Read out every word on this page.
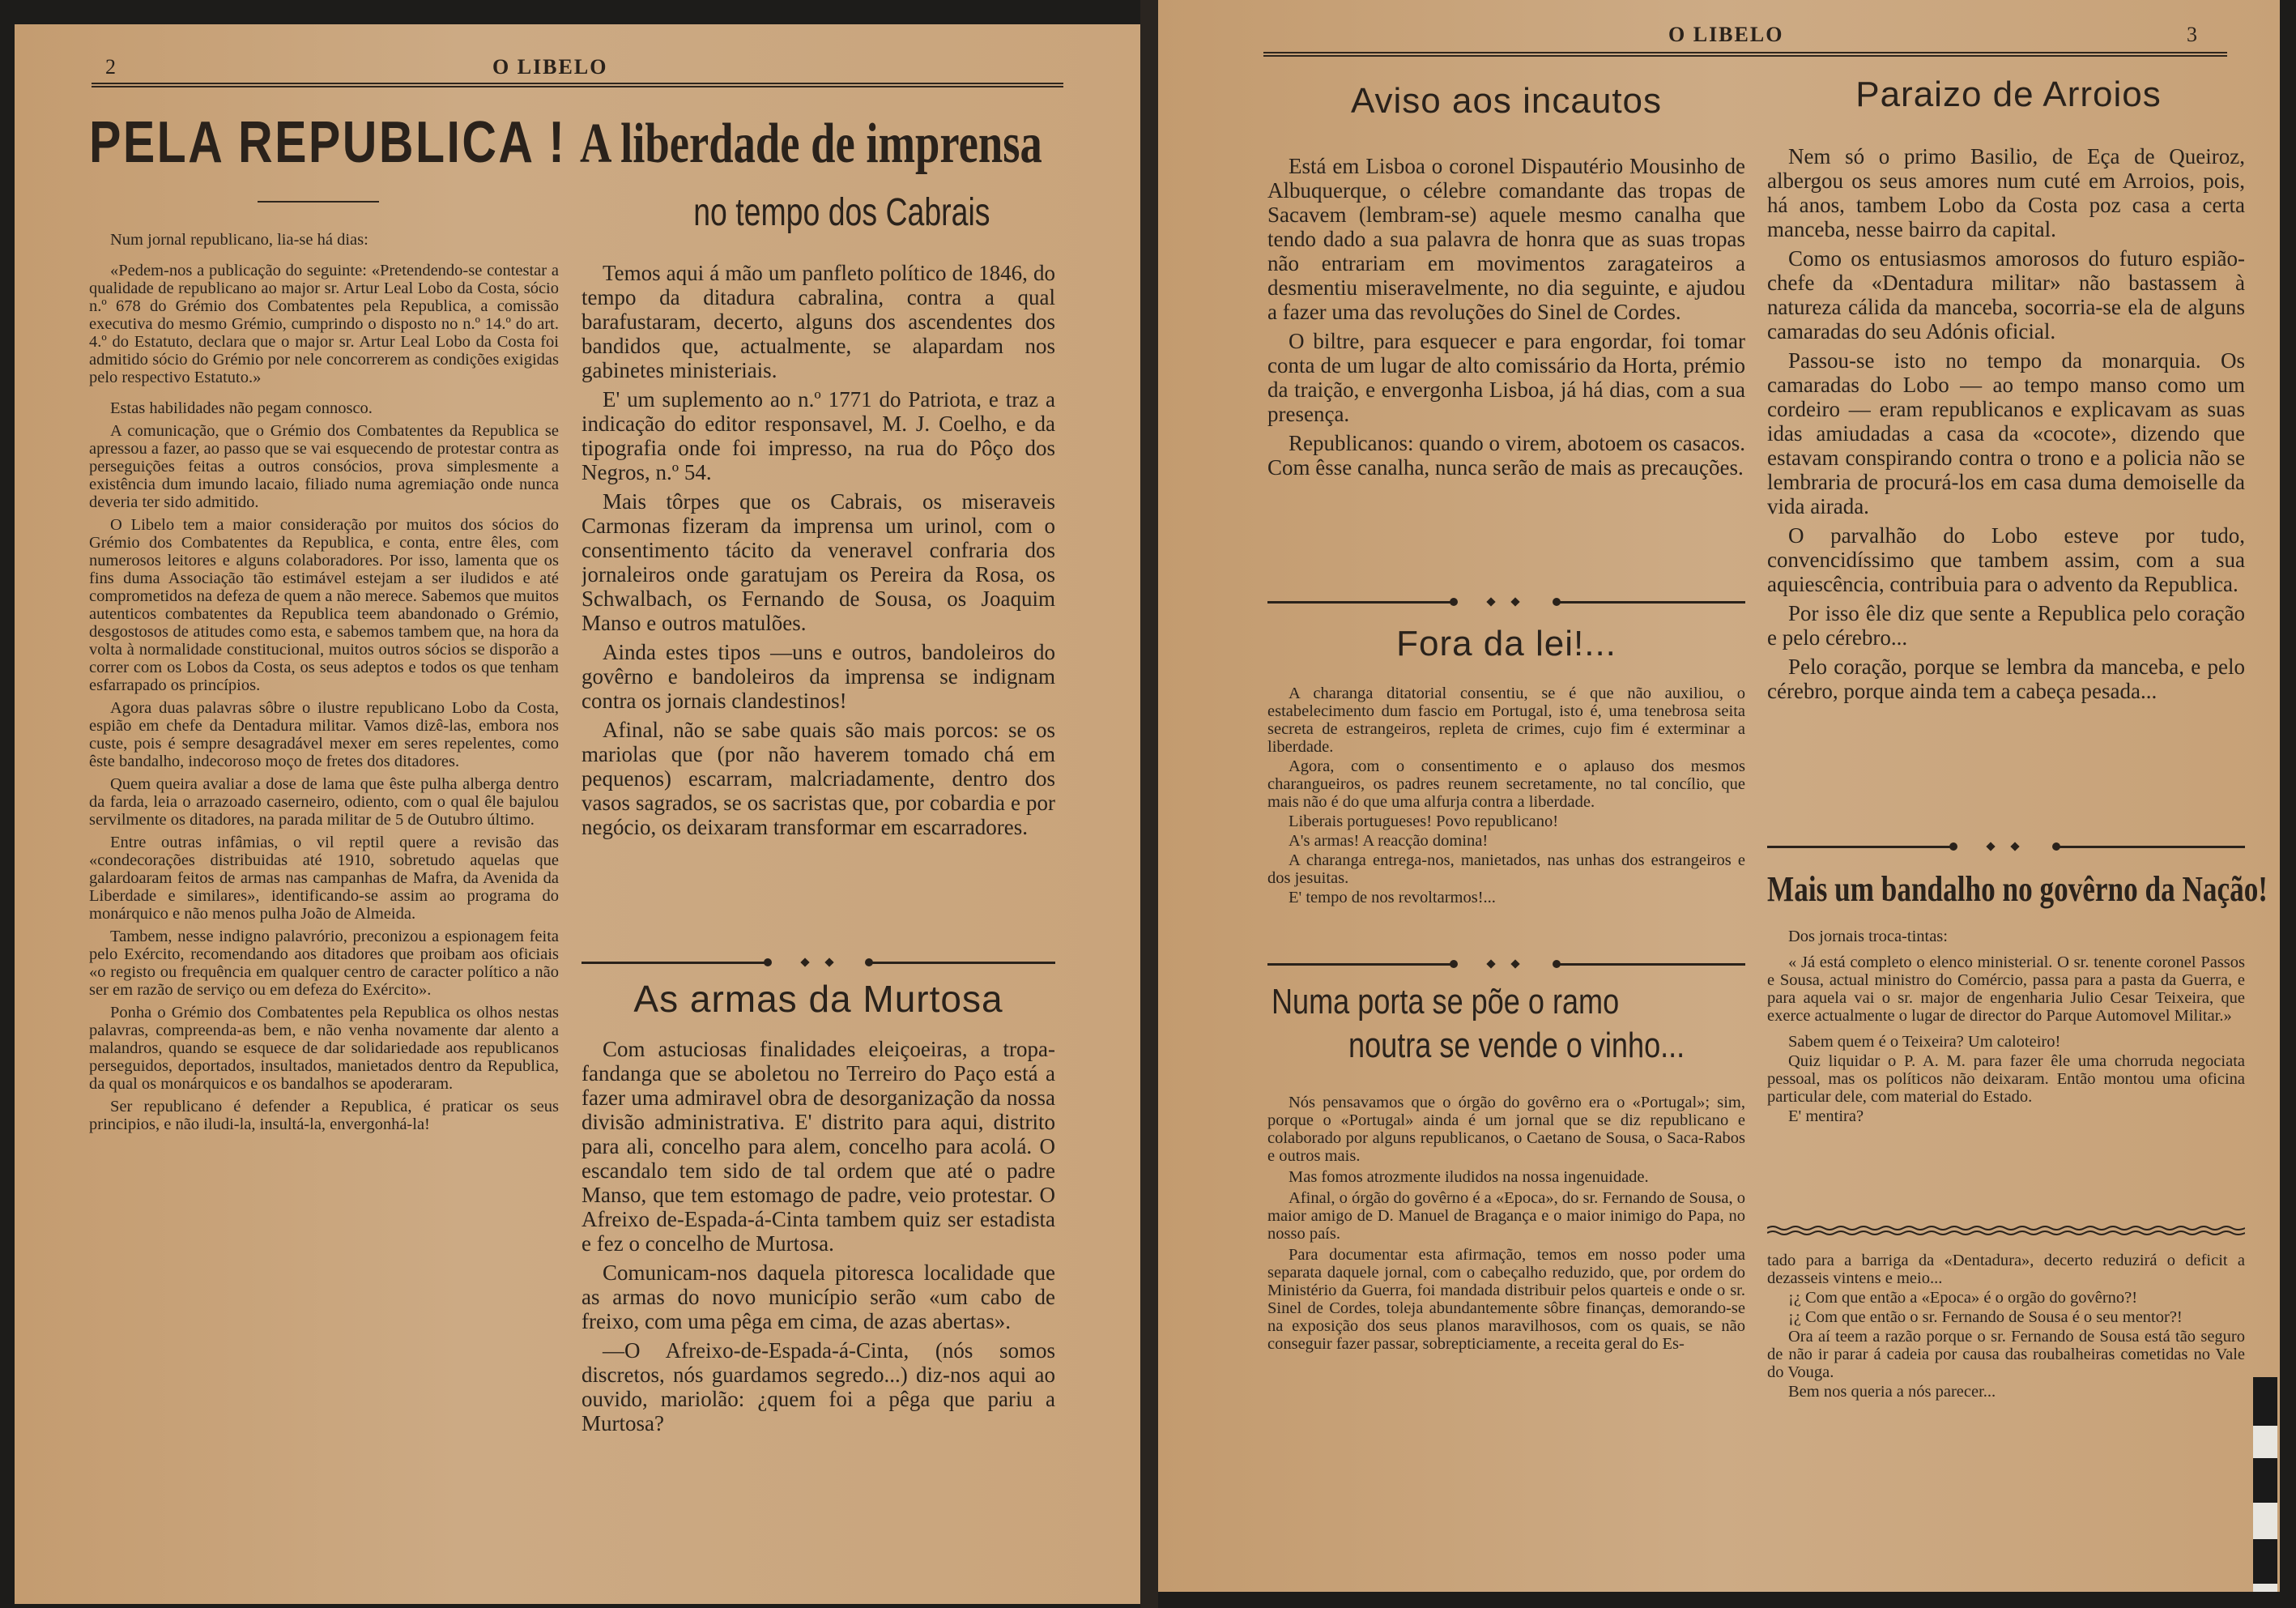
2	O LIBELO
PELA REPUBLICA !

Num jornal republicano, lia-se há dias:

«Pedem-nos a publicação do seguinte: «Pretendendo-se contestar a qualidade de republicano ao major sr. Artur Leal Lobo da Costa, sócio n.º 678 do Grémio dos Combatentes pela Republica, a comissão executiva do mesmo Grémio, cumprindo o disposto no n.º 14.º do art. 4.º do Estatuto, declara que o major sr. Artur Leal Lobo da Costa foi admitido sócio do Grémio por nele concorrerem as condições exigidas pelo respectivo Estatuto.»

Estas habilidades não pegam connosco.

A comunicação, que o Grémio dos Combatentes da Republica se apressou a fazer, ao passo que se vai esquecendo de protestar contra as perseguições feitas a outros consócios, prova simplesmente a existência dum imundo lacaio, filiado numa agremiação onde nunca deveria ter sido admitido.

O Libelo tem a maior consideração por muitos dos sócios do Grémio dos Combatentes da Republica, e conta, entre êles, com numerosos leitores e alguns colaboradores. Por isso, lamenta que os fins duma Associação tão estimável estejam a ser iludidos e até comprometidos na defeza de quem a não merece. Sabemos que muitos autenticos combatentes da Republica teem abandonado o Grémio, desgostosos de atitudes como esta, e sabemos tambem que, na hora da volta à normalidade constitucional, muitos outros sócios se disporão a correr com os Lobos da Costa, os seus adeptos e todos os que tenham esfarrapado os princípios.

Agora duas palavras sôbre o ilustre republicano Lobo da Costa, espião em chefe da Dentadura militar. Vamos dizê-las, embora nos custe, pois é sempre desagradável mexer em seres repelentes, como êste bandalho, indecoroso moço de fretes dos ditadores.

Quem queira avaliar a dose de lama que êste pulha alberga dentro da farda, leia o arrazoado caserneiro, odiento, com o qual êle bajulou servilmente os ditadores, na parada militar de 5 de Outubro último.

Entre outras infâmias, o vil reptil quere a revisão das «condecorações distribuidas até 1910, sobretudo aquelas que galardoaram feitos de armas nas campanhas de Mafra, da Avenida da Liberdade e similares», identificando-se assim ao programa do monárquico e não menos pulha João de Almeida.

Tambem, nesse indigno palavrório, preconizou a espionagem feita pelo Exército, recomendando aos ditadores que proibam aos oficiais «o registo ou frequência em qualquer centro de caracter político a não ser em razão de serviço ou em defeza do Exército».

Ponha o Grémio dos Combatentes pela Republica os olhos nestas palavras, compreenda-as bem, e não venha novamente dar alento a malandros, quando se esquece de dar solidariedade aos republicanos perseguidos, deportados, insultados, manietados dentro da Republica, da qual os monárquicos e os bandalhos se apoderaram.

Ser republicano é defender a Republica, é praticar os seus principios, e não iludi-la, insultá-la, envergonhá-la!

A liberdade de imprensa
no tempo dos Cabrais

Temos aqui á mão um panfleto político de 1846, do tempo da ditadura cabralina, contra a qual barafustaram, decerto, alguns dos ascendentes dos bandidos que, actualmente, se alapardam nos gabinetes ministeriais.

E' um suplemento ao n.º 1771 do Patriota, e traz a indicação do editor responsavel, M. J. Coelho, e da tipografia onde foi impresso, na rua do Pôço dos Negros, n.º 54.

Mais tôrpes que os Cabrais, os miseraveis Carmonas fizeram da imprensa um urinol, com o consentimento tácito da veneravel confraria dos jornaleiros onde garatujam os Pereira da Rosa, os Schwalbach, os Fernando de Sousa, os Joaquim Manso e outros matulões.

Ainda estes tipos —uns e outros, bandoleiros do govêrno e bandoleiros da imprensa se indignam contra os jornais clandestinos!

Afinal, não se sabe quais são mais porcos: se os mariolas que (por não haverem tomado chá em pequenos) escarram, malcriadamente, dentro dos vasos sagrados, se os sacristas que, por cobardia e por negócio, os deixaram transformar em escarradores.

As armas da Murtosa

Com astuciosas finalidades eleiçoeiras, a tropa-fandanga que se aboletou no Terreiro do Paço está a fazer uma admiravel obra de desorganização da nossa divisão administrativa. E' distrito para aqui, distrito para ali, concelho para alem, concelho para acolá. O escandalo tem sido de tal ordem que até o padre Manso, que tem estomago de padre, veio protestar. O Afreixo de-Espada-á-Cinta tambem quiz ser estadista e fez o concelho de Murtosa.

Comunicam-nos daquela pitoresca localidade que as armas do novo município serão «um cabo de freixo, com uma pêga em cima, de azas abertas».

—O Afreixo-de-Espada-á-Cinta, (nós somos discretos, nós guardamos segredo...) diz-nos aqui ao ouvido, mariolão: ¿quem foi a pêga que pariu a Murtosa?

O LIBELO	3
Aviso aos incautos

Está em Lisboa o coronel Dispautério Mousinho de Albuquerque, o célebre comandante das tropas de Sacavem (lembram-se) aquele mesmo canalha que tendo dado a sua palavra de honra que as suas tropas não entrariam em movimentos zaragateiros a desmentiu miseravelmente, no dia seguinte, e ajudou a fazer uma das revoluções do Sinel de Cordes.

O biltre, para esquecer e para engordar, foi tomar conta de um lugar de alto comissário da Horta, prémio da traição, e envergonha Lisboa, já há dias, com a sua presença.

Republicanos: quando o virem, abotoem os casacos. Com êsse canalha, nunca serão de mais as precauções.

Fora da lei!...

A charanga ditatorial consentiu, se é que não auxiliou, o estabelecimento dum fascio em Portugal, isto é, uma tenebrosa seita secreta de estrangeiros, repleta de crimes, cujo fim é exterminar a liberdade.

Agora, com o consentimento e o aplauso dos mesmos charangueiros, os padres reunem secretamente, no tal concílio, que mais não é do que uma alfurja contra a liberdade.

Liberais portugueses! Povo republicano!

A's armas! A reacção domina!

A charanga entrega-nos, manietados, nas unhas dos estrangeiros e dos jesuitas.

E' tempo de nos revoltarmos!...

Numa porta se põe o ramo
noutra se vende o vinho...

Nós pensavamos que o órgão do govêrno era o «Portugal»; sim, porque o «Portugal» ainda é um jornal que se diz republicano e colaborado por alguns republicanos, o Caetano de Sousa, o Saca-Rabos e outros mais.

Mas fomos atrozmente iludidos na nossa ingenuidade.

Afinal, o órgão do govêrno é a «Epoca», do sr. Fernando de Sousa, o maior amigo de D. Manuel de Bragança e o maior inimigo do Papa, no nosso país.

Para documentar esta afirmação, temos em nosso poder uma separata daquele jornal, com o cabeçalho reduzido, que, por ordem do Ministério da Guerra, foi mandada distribuir pelos quarteis e onde o sr. Sinel de Cordes, toleja abundantemente sôbre finanças, demorando-se na exposição dos seus planos maravilhosos, com os quais, se não conseguir fazer passar, sobrepticiamente, a receita geral do Es-

Paraizo de Arroios

Nem só o primo Basilio, de Eça de Queiroz, albergou os seus amores num cuté em Arroios, pois, há anos, tambem Lobo da Costa poz casa a certa manceba, nesse bairro da capital.

Como os entusiasmos amorosos do futuro espião-chefe da «Dentadura militar» não bastassem à natureza cálida da manceba, socorria-se ela de alguns camaradas do seu Adónis oficial.

Passou-se isto no tempo da monarquia. Os camaradas do Lobo — ao tempo manso como um cordeiro — eram republicanos e explicavam as suas idas amiudadas a casa da «cocote», dizendo que estavam conspirando contra o trono e a policia não se lembraria de procurá-los em casa duma demoiselle da vida airada.

O parvalhão do Lobo esteve por tudo, convencidíssimo que tambem assim, com a sua aquiescência, contribuia para o advento da Republica.

Por isso êle diz que sente a Republica pelo coração e pelo cérebro...

Pelo coração, porque se lembra da manceba, e pelo cérebro, porque ainda tem a cabeça pesada...

Mais um bandalho no govêrno da Nação!

Dos jornais troca-tintas:

« Já está completo o elenco ministerial. O sr. tenente coronel Passos e Sousa, actual ministro do Comércio, passa para a pasta da Guerra, e para aquela vai o sr. major de engenharia Julio Cesar Teixeira, que exerce actualmente o lugar de director do Parque Automovel Militar.»

Sabem quem é o Teixeira? Um caloteiro!

Quiz liquidar o P. A. M. para fazer êle uma chorruda negociata pessoal, mas os políticos não deixaram. Então montou uma oficina particular dele, com material do Estado.

E' mentira?

tado para a barriga da «Dentadura», decerto reduzirá o deficit a dezasseis vintens e meio...

¡¿ Com que então a «Epoca» é o orgão do govêrno?!

¡¿ Com que então o sr. Fernando de Sousa é o seu mentor?!

Ora aí teem a razão porque o sr. Fernando de Sousa está tão seguro de não ir parar á cadeia por causa das roubalheiras cometidas no Vale do Vouga.

Bem nos queria a nós parecer...
